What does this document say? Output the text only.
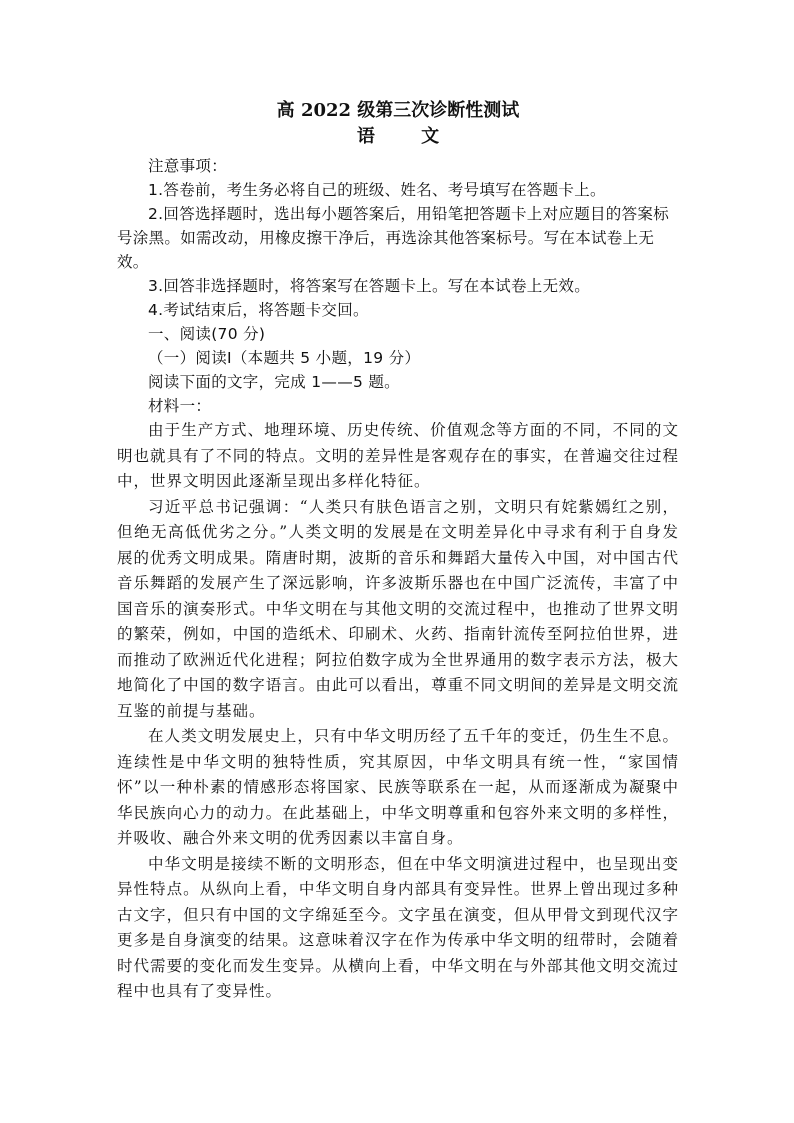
高 2022 级第三次诊断性测试

语	文

注意事项：

1.答卷前，考生务必将自己的班级、姓名、考号填写在答题卡上。

2.回答选择题时，选出每小题答案后，用铅笔把答题卡上对应题目的答案标号涂黑。如需改动，用橡皮擦干净后，再选涂其他答案标号。写在本试卷上无效。

3.回答非选择题时，将答案写在答题卡上。写在本试卷上无效。

4.考试结束后，将答题卡交回。

一、阅读(70 分)

（一）阅读Ⅰ（本题共 5 小题，19 分）

阅读下面的文字，完成 1——5 题。

材料一：

由于生产方式、地理环境、历史传统、价值观念等方面的不同，不同的文明也就具有了不同的特点。文明的差异性是客观存在的事实，在普遍交往过程中，世界文明因此逐渐呈现出多样化特征。

习近平总书记强调：“人类只有肤色语言之别，文明只有姹紫嫣红之别，但绝无高低优劣之分。”人类文明的发展是在文明差异化中寻求有利于自身发展的优秀文明成果。隋唐时期，波斯的音乐和舞蹈大量传入中国，对中国古代音乐舞蹈的发展产生了深远影响，许多波斯乐器也在中国广泛流传，丰富了中国音乐的演奏形式。中华文明在与其他文明的交流过程中，也推动了世界文明的繁荣，例如，中国的造纸术、印刷术、火药、指南针流传至阿拉伯世界，进而推动了欧洲近代化进程；阿拉伯数字成为全世界通用的数字表示方法，极大地简化了中国的数字语言。由此可以看出，尊重不同文明间的差异是文明交流互鉴的前提与基础。

在人类文明发展史上，只有中华文明历经了五千年的变迁，仍生生不息。连续性是中华文明的独特性质，究其原因，中华文明具有统一性，“家国情怀”以一种朴素的情感形态将国家、民族等联系在一起，从而逐渐成为凝聚中华民族向心力的动力。在此基础上，中华文明尊重和包容外来文明的多样性，并吸收、融合外来文明的优秀因素以丰富自身。

中华文明是接续不断的文明形态，但在中华文明演进过程中，也呈现出变异性特点。从纵向上看，中华文明自身内部具有变异性。世界上曾出现过多种古文字，但只有中国的文字绵延至今。文字虽在演变，但从甲骨文到现代汉字更多是自身演变的结果。这意味着汉字在作为传承中华文明的纽带时，会随着时代需要的变化而发生变异。从横向上看，中华文明在与外部其他文明交流过程中也具有了变异性。
